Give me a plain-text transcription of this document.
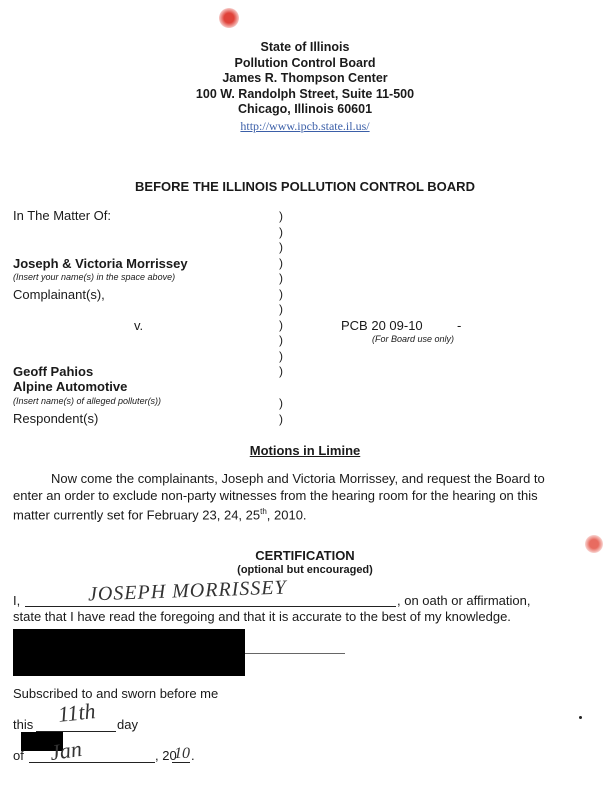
State of Illinois
Pollution Control Board
James R. Thompson Center
100 W. Randolph Street, Suite 11-500
Chicago, Illinois 60601
http://www.ipcb.state.il.us/
BEFORE THE ILLINOIS POLLUTION CONTROL BOARD
In The Matter Of:
Joseph & Victoria Morrissey
(Insert your name(s) in the space above)
Complainant(s),
v.
Geoff Pahios
Alpine Automotive
(Insert name(s) of alleged polluter(s))
Respondent(s)
)
)
)
)
)
)
)
)
)
)
)
)
)
PCB 20 09-10	-
(For Board use only)
Motions in Limine
Now come the complainants, Joseph and Victoria Morrissey, and request the Board to enter an order to exclude non-party witnesses from the hearing room for the hearing on this matter currently set for February 23, 24, 25th, 2010.
CERTIFICATION
(optional but encouraged)
I,	JOSEPH MORRISSEY	, on oath or affirmation,
state that I have read the foregoing and that it is accurate to the best of my knowledge.
Subscribed to and sworn before me
this 11th day
of Jan	, 20
10 .
